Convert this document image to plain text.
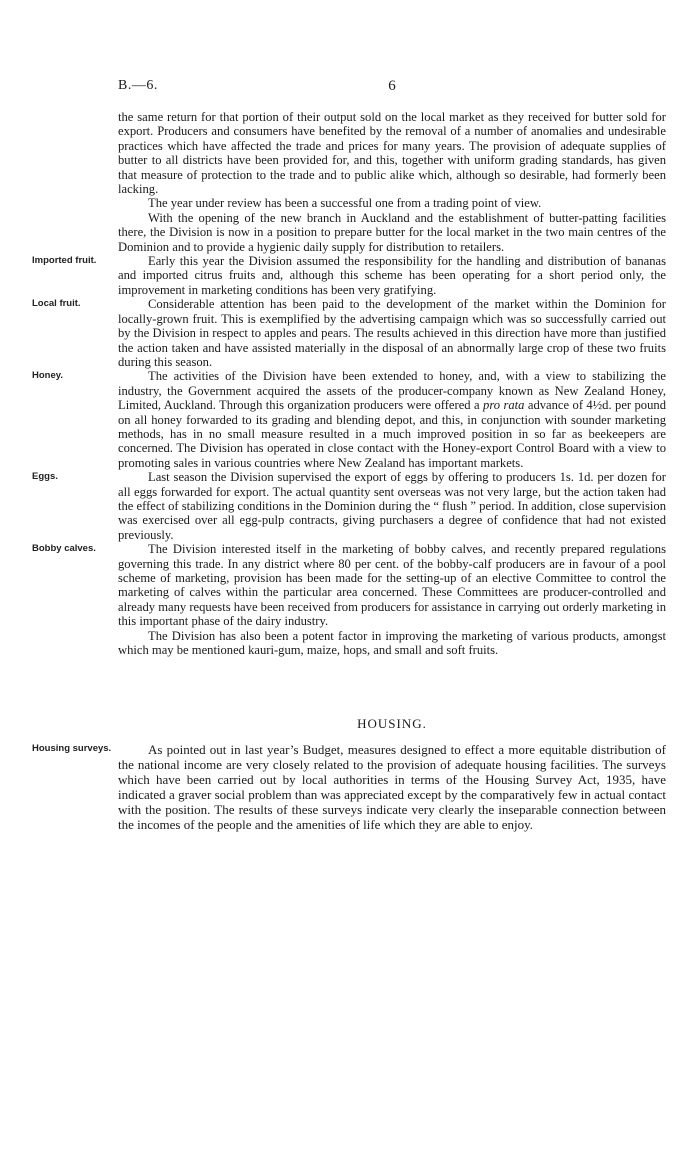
B.—6.	6

the same return for that portion of their output sold on the local market as they received for butter sold for export. Producers and consumers have benefited by the removal of a number of anomalies and undesirable practices which have affected the trade and prices for many years. The provision of adequate supplies of butter to all districts have been provided for, and this, together with uniform grading standards, has given that measure of protection to the trade and to public alike which, although so desirable, had formerly been lacking.

The year under review has been a successful one from a trading point of view.

With the opening of the new branch in Auckland and the establishment of butter-patting facilities there, the Division is now in a position to prepare butter for the local market in the two main centres of the Dominion and to provide a hygienic daily supply for distribution to retailers.

Imported fruit.	Early this year the Division assumed the responsibility for the handling and distribution of bananas and imported citrus fruits and, although this scheme has been operating for a short period only, the improvement in marketing conditions has been very gratifying.

Local fruit.	Considerable attention has been paid to the development of the market within the Dominion for locally-grown fruit. This is exemplified by the advertising campaign which was so successfully carried out by the Division in respect to apples and pears. The results achieved in this direction have more than justified the action taken and have assisted materially in the disposal of an abnormally large crop of these two fruits during this season.

Honey.	The activities of the Division have been extended to honey, and, with a view to stabilizing the industry, the Government acquired the assets of the producer-company known as New Zealand Honey, Limited, Auckland. Through this organization producers were offered a pro rata advance of 4½d. per pound on all honey forwarded to its grading and blending depot, and this, in conjunction with sounder marketing methods, has in no small measure resulted in a much improved position in so far as beekeepers are concerned. The Division has operated in close contact with the Honey-export Control Board with a view to promoting sales in various countries where New Zealand has important markets.

Eggs.	Last season the Division supervised the export of eggs by offering to producers 1s. 1d. per dozen for all eggs forwarded for export. The actual quantity sent overseas was not very large, but the action taken had the effect of stabilizing conditions in the Dominion during the “ flush ” period. In addition, close supervision was exercised over all egg-pulp contracts, giving purchasers a degree of confidence that had not existed previously.

Bobby calves.	The Division interested itself in the marketing of bobby calves, and recently prepared regulations governing this trade. In any district where 80 per cent. of the bobby-calf producers are in favour of a pool scheme of marketing, provision has been made for the setting-up of an elective Committee to control the marketing of calves within the particular area concerned. These Committees are producer-controlled and already many requests have been received from producers for assistance in carrying out orderly marketing in this important phase of the dairy industry.

The Division has also been a potent factor in improving the marketing of various products, amongst which may be mentioned kauri-gum, maize, hops, and small and soft fruits.

HOUSING.

Housing surveys.	As pointed out in last year’s Budget, measures designed to effect a more equitable distribution of the national income are very closely related to the provision of adequate housing facilities. The surveys which have been carried out by local authorities in terms of the Housing Survey Act, 1935, have indicated a graver social problem than was appreciated except by the comparatively few in actual contact with the position. The results of these surveys indicate very clearly the inseparable connection between the incomes of the people and the amenities of life which they are able to enjoy.
